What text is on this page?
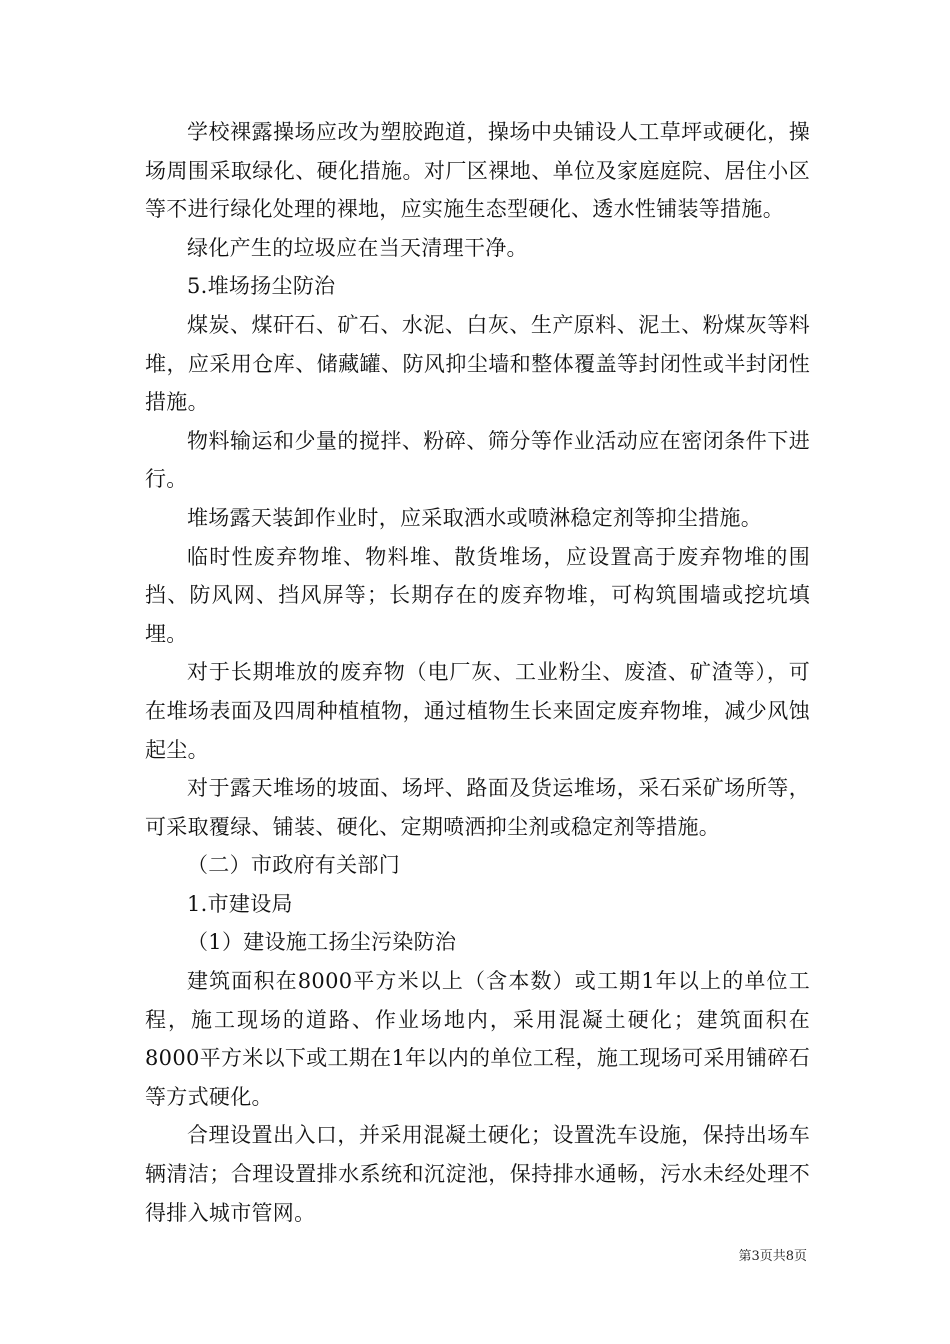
学校裸露操场应改为塑胶跑道，操场中央铺设人工草坪或硬化，操场周围采取绿化、硬化措施。对厂区裸地、单位及家庭庭院、居住小区等不进行绿化处理的裸地，应实施生态型硬化、透水性铺装等措施。

绿化产生的垃圾应在当天清理干净。

5.堆场扬尘防治

煤炭、煤矸石、矿石、水泥、白灰、生产原料、泥土、粉煤灰等料堆，应采用仓库、储藏罐、防风抑尘墙和整体覆盖等封闭性或半封闭性措施。

物料输运和少量的搅拌、粉碎、筛分等作业活动应在密闭条件下进行。

堆场露天装卸作业时，应采取洒水或喷淋稳定剂等抑尘措施。

临时性废弃物堆、物料堆、散货堆场，应设置高于废弃物堆的围挡、防风网、挡风屏等；长期存在的废弃物堆，可构筑围墙或挖坑填埋。

对于长期堆放的废弃物（电厂灰、工业粉尘、废渣、矿渣等），可在堆场表面及四周种植植物，通过植物生长来固定废弃物堆，减少风蚀起尘。

对于露天堆场的坡面、场坪、路面及货运堆场，采石采矿场所等，可采取覆绿、铺装、硬化、定期喷洒抑尘剂或稳定剂等措施。

（二）市政府有关部门

1.市建设局

（1）建设施工扬尘污染防治

建筑面积在8000平方米以上（含本数）或工期1年以上的单位工程，施工现场的道路、作业场地内，采用混凝土硬化；建筑面积在8000平方米以下或工期在1年以内的单位工程，施工现场可采用铺碎石等方式硬化。

合理设置出入口，并采用混凝土硬化；设置洗车设施，保持出场车辆清洁；合理设置排水系统和沉淀池，保持排水通畅，污水未经处理不得排入城市管网。

第3页共8页
